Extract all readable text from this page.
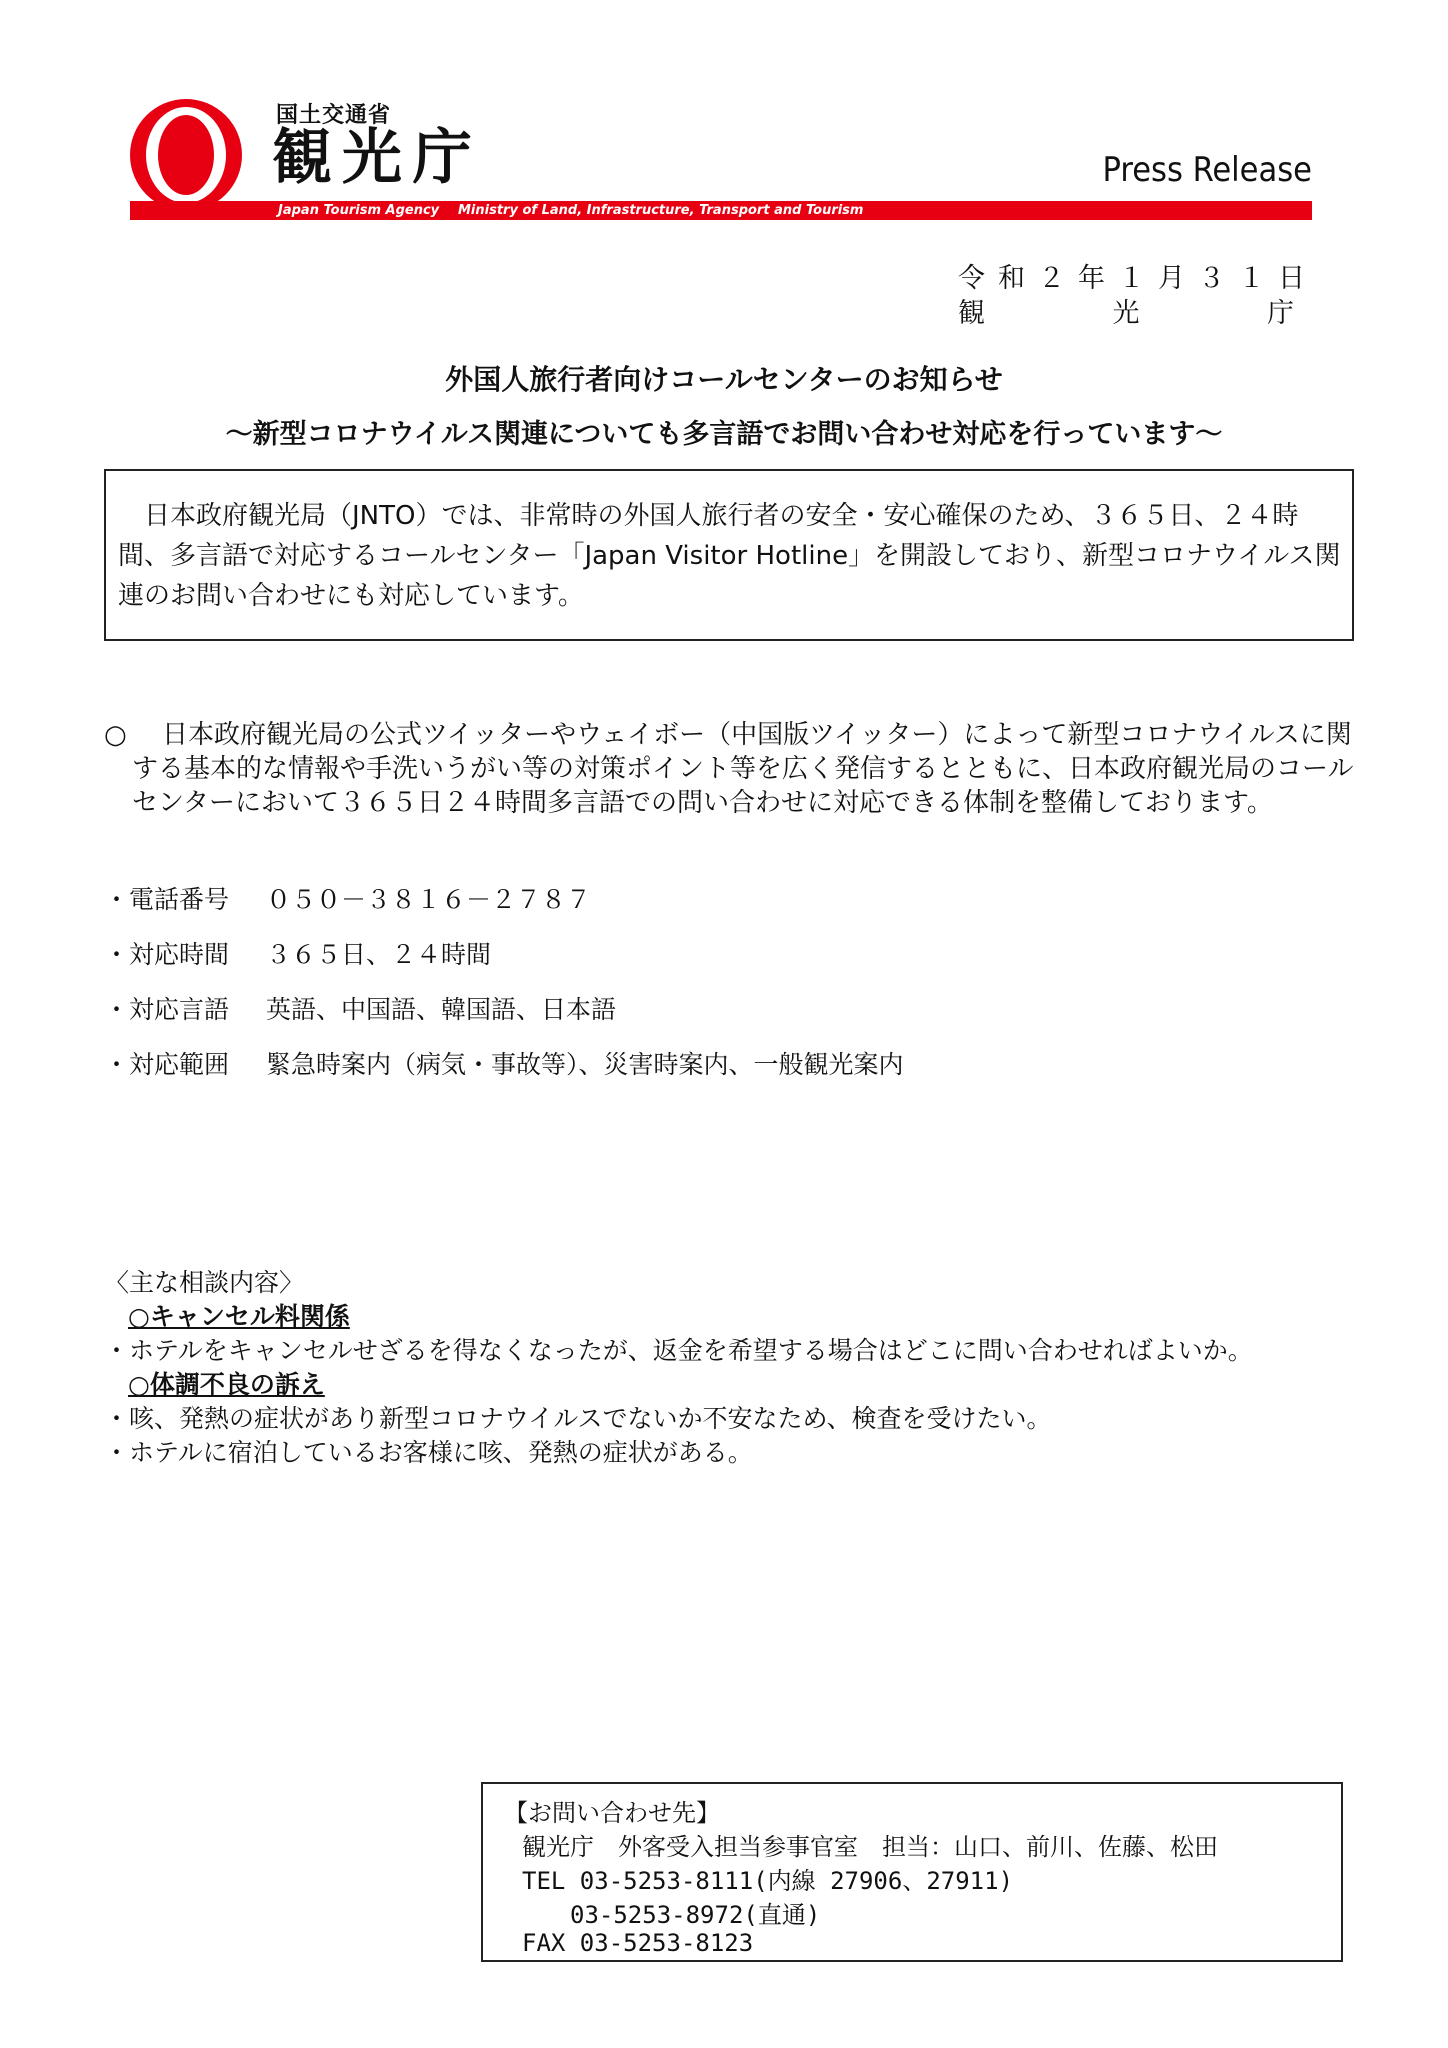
国土交通省
観光庁	Press Release
Japan Tourism Agency Ministry of Land, Infrastructure, Transport and Tourism
令和２年１月３１日
観	光	庁
外国人旅行者向けコールセンターのお知らせ
～新型コロナウイルス関連についても多言語でお問い合わせ対応を行っています～
日本政府観光局（JNTO）では、非常時の外国人旅行者の安全・安心確保のため、３６５日、２４時間、多言語で対応するコールセンター「Japan Visitor Hotline」を開設しており、新型コロナウイルス関連のお問い合わせにも対応しています。
○	日本政府観光局の公式ツイッターやウェイボー（中国版ツイッター）によって新型コロナウイルスに関する基本的な情報や手洗いうがい等の対策ポイント等を広く発信するとともに、日本政府観光局のコールセンターにおいて３６５日２４時間多言語での問い合わせに対応できる体制を整備しております。
・電話番号 ０５０－３８１６－２７８７
・対応時間 ３６５日、２４時間
・対応言語 英語、中国語、韓国語、日本語
・対応範囲 緊急時案内（病気・事故等）、災害時案内、一般観光案内
〈主な相談内容〉
○キャンセル料関係
・ホテルをキャンセルせざるを得なくなったが、返金を希望する場合はどこに問い合わせればよいか。
○体調不良の訴え
・咳、発熱の症状があり新型コロナウイルスでないか不安なため、検査を受けたい。
・ホテルに宿泊しているお客様に咳、発熱の症状がある。
【お問い合わせ先】
観光庁　外客受入担当参事官室　担当：山口、前川、佐藤、松田
TEL 03-5253-8111(内線 27906、27911)
03-5253-8972(直通)
FAX 03-5253-8123
